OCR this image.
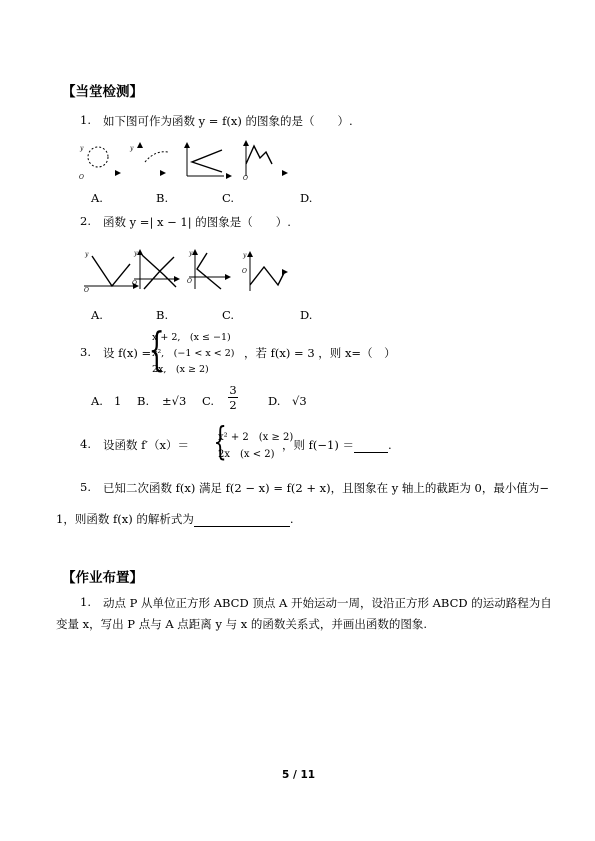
【当堂检测】
1. 如下图可作为函数 y = f(x) 的图象的是（　　）.
y
O
y
O
A.	B.	C.	D.
2. 函数 y =| x − 1| 的图象是（　　）.
y
O
y
O
y
O
y
O
A.	B.	C.	D.
3. 设 f(x) =
{
x + 2,　(x ≤ −1)
x²,　(−1 < x < 2)
2x,　(x ≥ 2)
，若 f(x) = 3 ，则 x=（　）
A. 1 B. ±√3 C. $\frac{3}{2}$	D. √3
4. 设函数 f′（x）＝ {
x² + 2　(x ≥ 2)
2x　(x < 2)
，则 f(−1) ＝	.
5. 已知二次函数 f(x) 满足 f(2 − x) = f(2 + x)，且图象在 y 轴上的截距为 0，最小值为−
1，则函数 f(x) 的解析式为	.
【作业布置】
1. 动点 P 从单位正方形 ABCD 顶点 A 开始运动一周，设沿正方形 ABCD 的运动路程为自
变量 x，写出 P 点与 A 点距离 y 与 x 的函数关系式，并画出函数的图象.
5 / 11
